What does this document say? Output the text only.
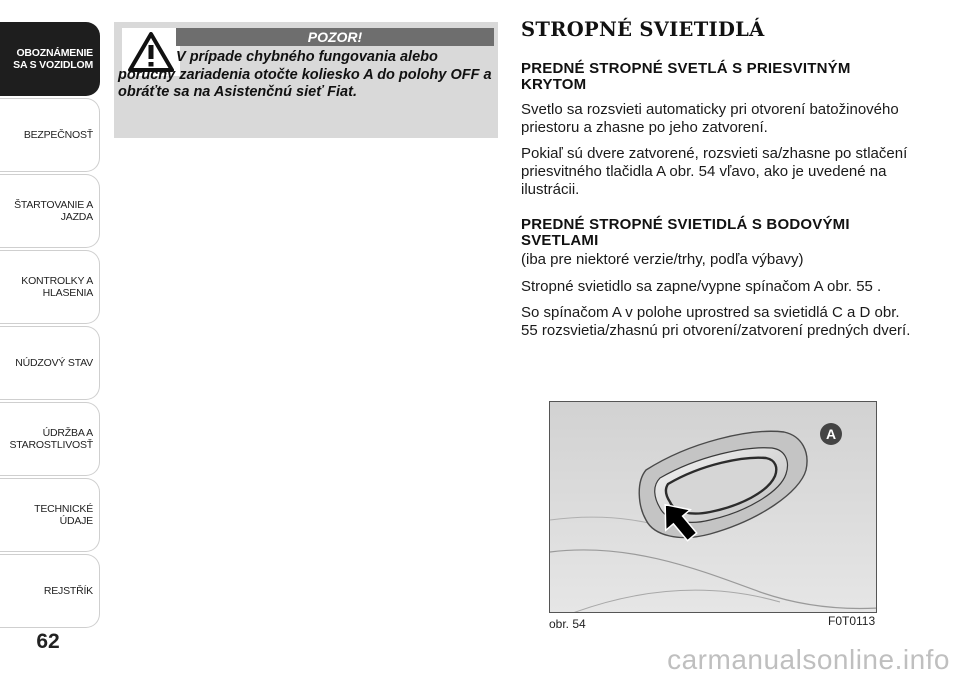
OBOZNÁMENIE
SA S VOZIDLOM
BEZPEČNOSŤ
ŠTARTOVANIE A
JAZDA
KONTROLKY A
HLASENIA
NÚDZOVÝ STAV
ÚDRŽBA A
STAROSTLIVOSŤ
TECHNICKÉ ÚDAJE
REJSTŘÍK
62
POZOR!
V prípade chybného fungovania alebo poruchy zariadenia otočte koliesko A do polohy OFF a obráťte sa na Asistenčnú sieť Fiat.
STROPNÉ SVIETIDLÁ
PREDNÉ STROPNÉ SVETLÁ S PRIESVITNÝM KRYTOM

Svetlo sa rozsvieti automaticky pri otvorení batožinového priestoru a zhasne po jeho zatvorení.

Pokiaľ sú dvere zatvorené, rozsvieti sa/zhasne po stlačení priesvitného tlačidla A obr. 54 vľavo, ako je uvedené na ilustrácii.

PREDNÉ STROPNÉ SVIETIDLÁ S BODOVÝMI SVETLAMI

(iba pre niektoré verzie/trhy, podľa výbavy)

Stropné svietidlo sa zapne/vypne spínačom A obr. 55 .

So spínačom A v polohe uprostred sa svietidlá C a D obr. 55 rozsvietia/zhasnú pri otvorení/zatvorení predných dverí.

A
obr. 54	F0T0113
carmanualsonline.info
